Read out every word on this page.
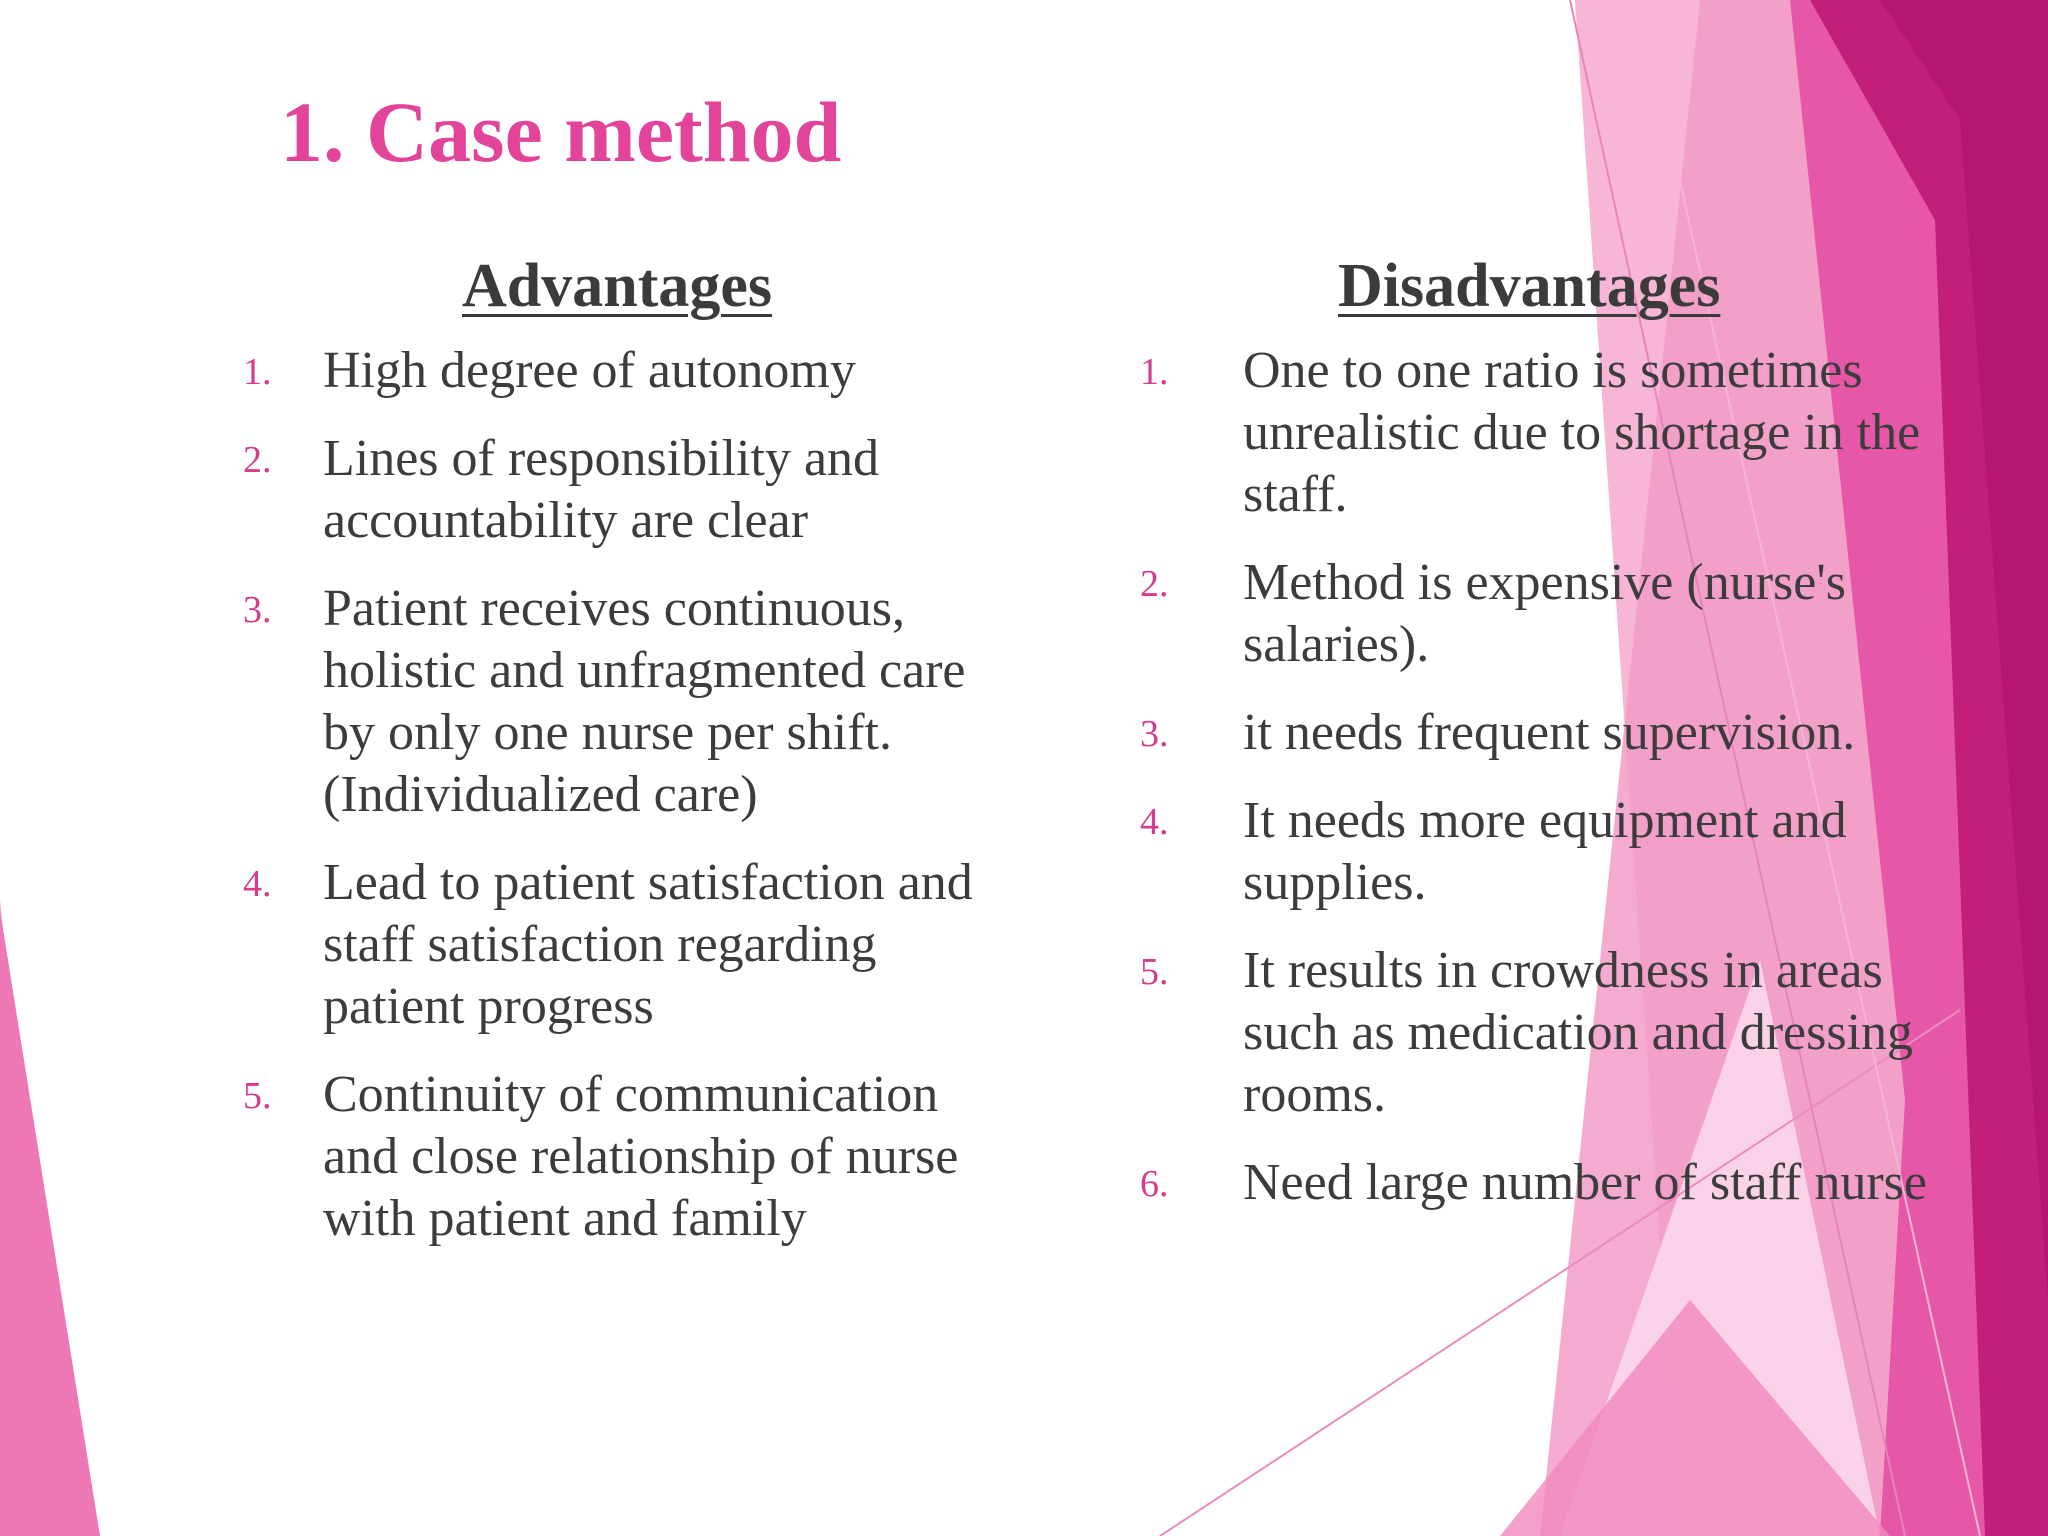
1. Case method
Advantages
1. High degree of autonomy
2. Lines of responsibility and accountability are clear
3. Patient receives continuous, holistic and unfragmented care by only one nurse per shift. (Individualized care)
4. Lead to patient satisfaction and staff satisfaction regarding patient progress
5. Continuity of communication and close relationship of nurse with patient and family
Disadvantages
1. One to one ratio is sometimes unrealistic due to shortage in the staff.
2. Method is expensive (nurse's salaries).
3. it needs frequent supervision.
4. It needs more equipment and supplies.
5. It results in crowdness in areas such as medication and dressing rooms.
6. Need large number of staff nurse
